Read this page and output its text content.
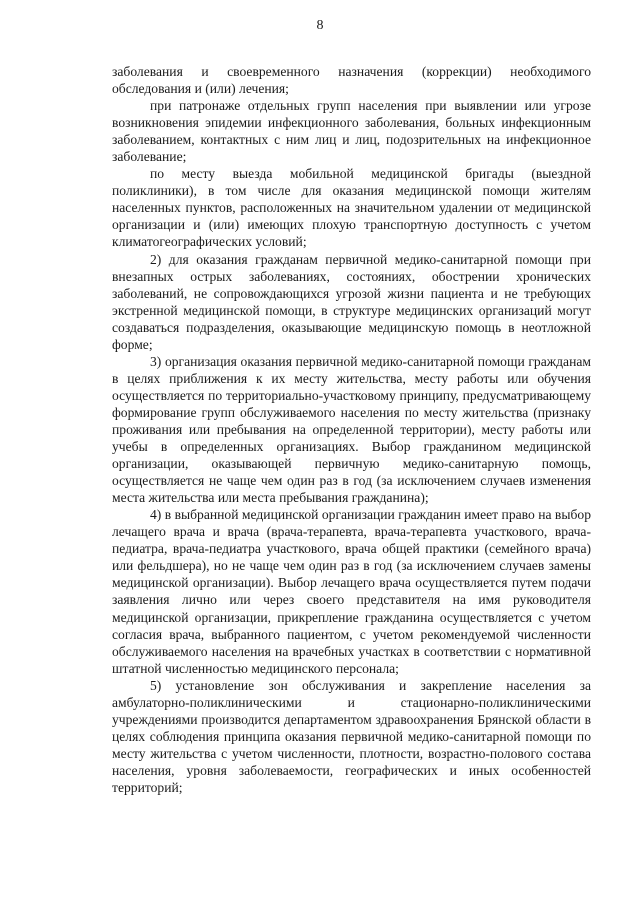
8

заболевания и своевременного назначения (коррекции) необходимого обследования и (или) лечения;

при патронаже отдельных групп населения при выявлении или угрозе возникновения эпидемии инфекционного заболевания, больных инфекционным заболеванием, контактных с ним лиц и лиц, подозрительных на инфекционное заболевание;

по месту выезда мобильной медицинской бригады (выездной поликлиники), в том числе для оказания медицинской помощи жителям населенных пунктов, расположенных на значительном удалении от медицинской организации и (или) имеющих плохую транспортную доступность с учетом климатогеографических условий;

2) для оказания гражданам первичной медико-санитарной помощи при внезапных острых заболеваниях, состояниях, обострении хронических заболеваний, не сопровождающихся угрозой жизни пациента и не требующих экстренной медицинской помощи, в структуре медицинских организаций могут создаваться подразделения, оказывающие медицинскую помощь в неотложной форме;

3) организация оказания первичной медико-санитарной помощи гражданам в целях приближения к их месту жительства, месту работы или обучения осуществляется по территориально-участковому принципу, предусматривающему формирование групп обслуживаемого населения по месту жительства (признаку проживания или пребывания на определенной территории), месту работы или учебы в определенных организациях. Выбор гражданином медицинской организации, оказывающей первичную медико-санитарную помощь, осуществляется не чаще чем один раз в год (за исключением случаев изменения места жительства или места пребывания гражданина);

4) в выбранной медицинской организации гражданин имеет право на выбор лечащего врача и врача (врача-терапевта, врача-терапевта участкового, врача-педиатра, врача-педиатра участкового, врача общей практики (семейного врача) или фельдшера), но не чаще чем один раз в год (за исключением случаев замены медицинской организации). Выбор лечащего врача осуществляется путем подачи заявления лично или через своего представителя на имя руководителя медицинской организации, прикрепление гражданина осуществляется с учетом согласия врача, выбранного пациентом, с учетом рекомендуемой численности обслуживаемого населения на врачебных участках в соответствии с нормативной штатной численностью медицинского персонала;

5) установление зон обслуживания и закрепление населения за амбулаторно-поликлиническими и стационарно-поликлиническими учреждениями производится департаментом здравоохранения Брянской области в целях соблюдения принципа оказания первичной медико-санитарной помощи по месту жительства с учетом численности, плотности, возрастно-полового состава населения, уровня заболеваемости, географических и иных особенностей территорий;
